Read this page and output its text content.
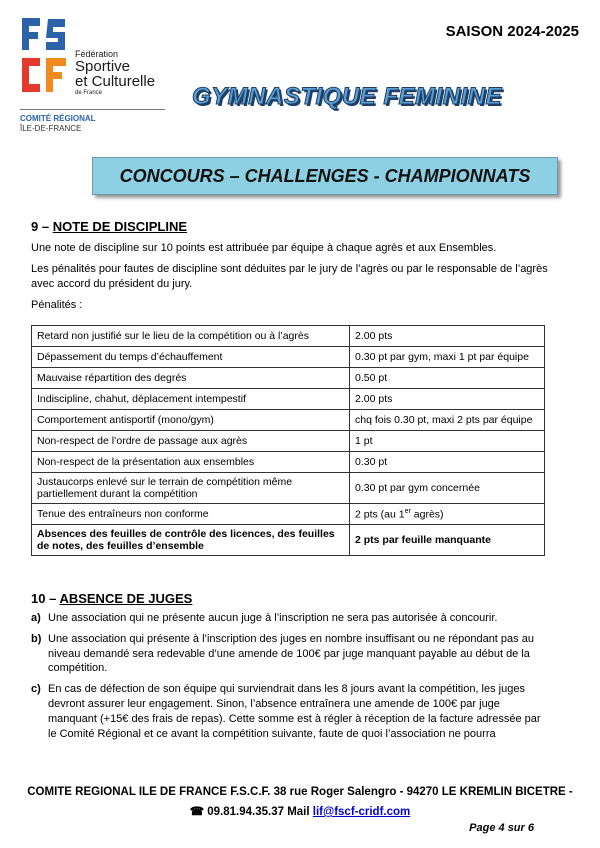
Fédération
Sportive
et Culturelle
de France
COMITÉ RÉGIONAL
ÎLE-DE-FRANCE
SAISON 2024-2025
GYMNASTIQUE FEMININE
CONCOURS – CHALLENGES - CHAMPIONNATS
9 – NOTE DE DISCIPLINE
Une note de discipline sur 10 points est attribuée par équipe à chaque agrès et aux Ensembles.
Les pénalités pour fautes de discipline sont déduites par le jury de l’agrès ou par le responsable de l’agrès avec accord du président du jury.
Pénalités :
Retard non justifié sur le lieu de la compétition ou à l’agrès	2.00 pts
Dépassement du temps d’échauffement	0.30 pt par gym, maxi 1 pt par équipe
Mauvaise répartition des degrés	0.50 pt
Indiscipline, chahut, déplacement intempestif	2.00 pts
Comportement antisportif (mono/gym)	chq fois 0.30 pt, maxi 2 pts par équipe
Non-respect de l’ordre de passage aux agrès	1 pt
Non-respect de la présentation aux ensembles	0.30 pt
Justaucorps enlevé sur le terrain de compétition même partiellement durant la compétition	0.30 pt par gym concernée
Tenue des entraîneurs non conforme	2 pts (au 1er agrès)
Absences des feuilles de contrôle des licences, des feuilles de notes, des feuilles d’ensemble	2 pts par feuille manquante
10 – ABSENCE DE JUGES
a) Une association qui ne présente aucun juge à l’inscription ne sera pas autorisée à concourir.
b) Une association qui présente à l’inscription des juges en nombre insuffisant ou ne répondant pas au niveau demandé sera redevable d’une amende de 100€ par juge manquant payable au début de la compétition.
c) En cas de défection de son équipe qui surviendrait dans les 8 jours avant la compétition, les juges devront assurer leur engagement. Sinon, l’absence entraînera une amende de 100€ par juge manquant (+15€ des frais de repas). Cette somme est à régler à réception de la facture adressée par le Comité Régional et ce avant la compétition suivante, faute de quoi l’association ne pourra
COMITE REGIONAL ILE DE FRANCE F.S.C.F. 38 rue Roger Salengro - 94270 LE KREMLIN BICETRE -
☎ 09.81.94.35.37 Mail lif@fscf-cridf.com
Page 4 sur 6
